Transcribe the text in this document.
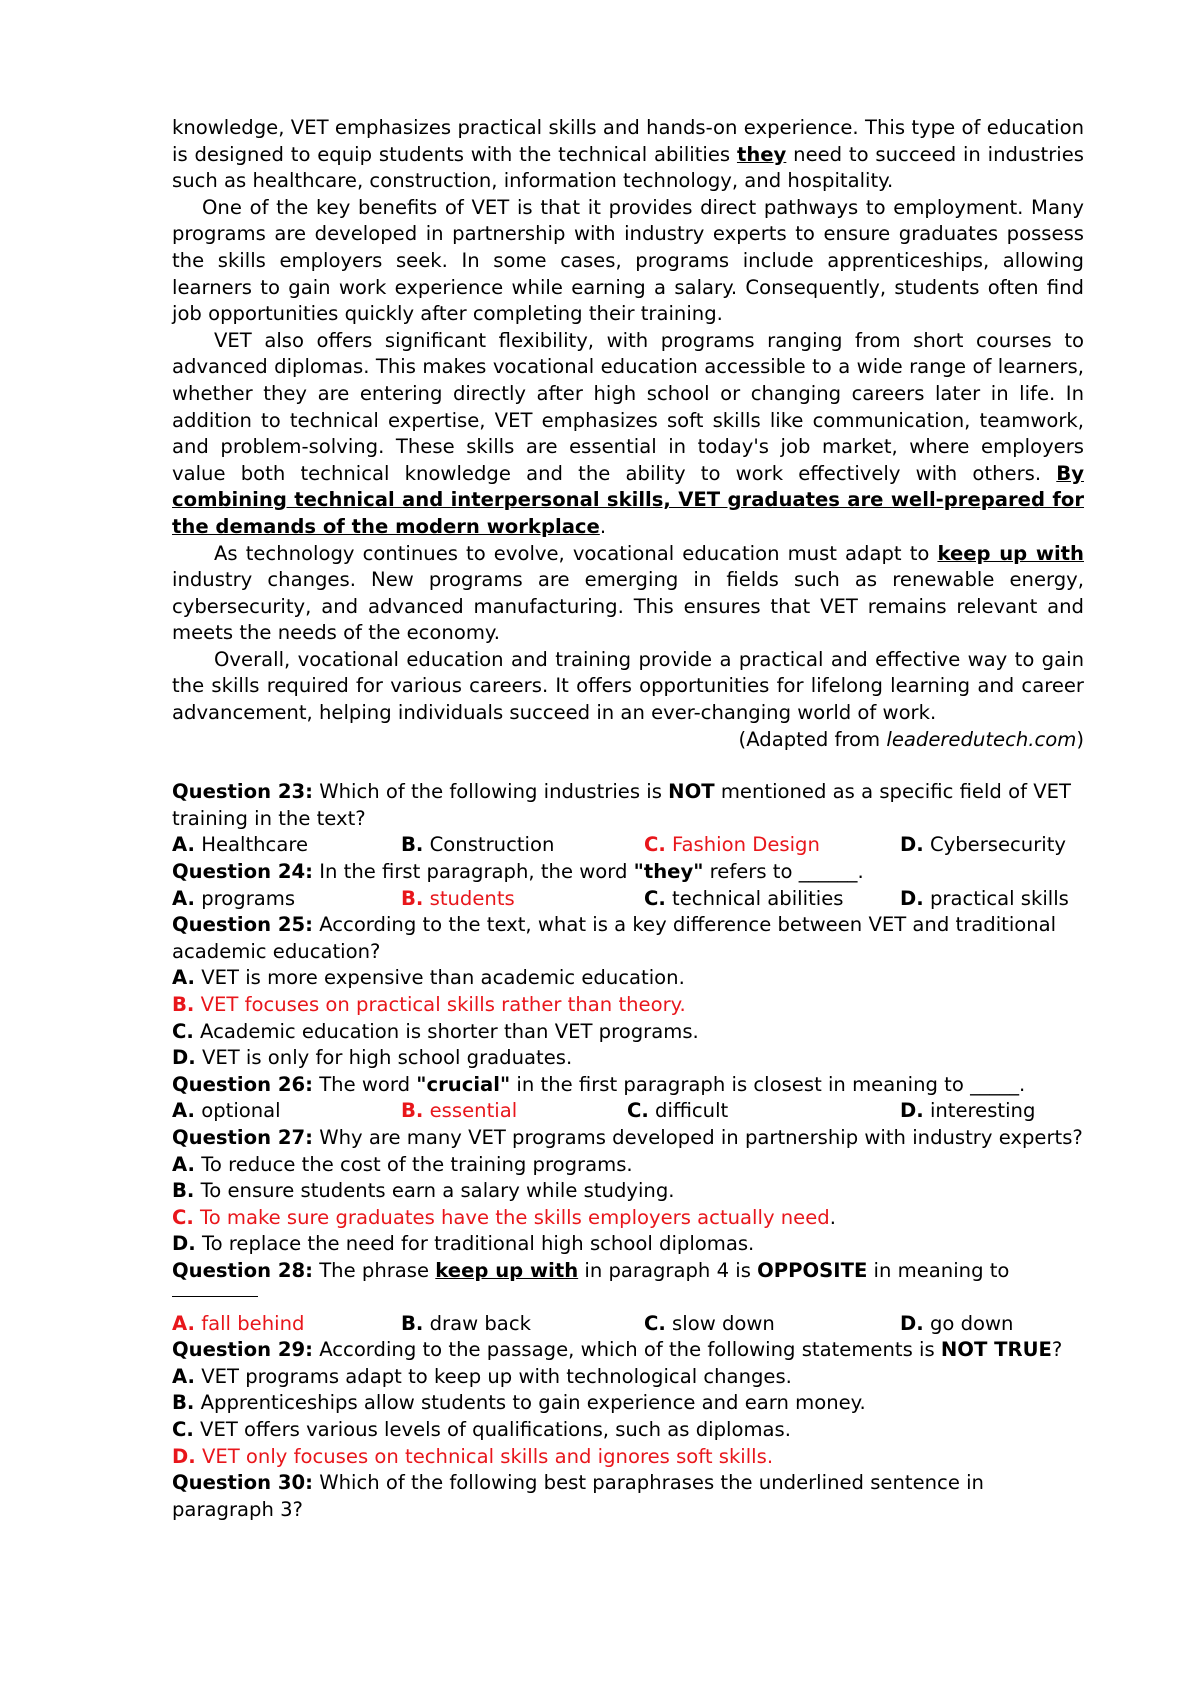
knowledge, VET emphasizes practical skills and hands-on experience. This type of education is designed to equip students with the technical abilities they need to succeed in industries such as healthcare, construction, information technology, and hospitality.

One of the key benefits of VET is that it provides direct pathways to employment. Many programs are developed in partnership with industry experts to ensure graduates possess the skills employers seek. In some cases, programs include apprenticeships, allowing learners to gain work experience while earning a salary. Consequently, students often find job opportunities quickly after completing their training.

VET also offers significant flexibility, with programs ranging from short courses to advanced diplomas. This makes vocational education accessible to a wide range of learners, whether they are entering directly after high school or changing careers later in life. In addition to technical expertise, VET emphasizes soft skills like communication, teamwork, and problem-solving. These skills are essential in today's job market, where employers value both technical knowledge and the ability to work effectively with others. By combining technical and interpersonal skills, VET graduates are well-prepared for the demands of the modern workplace.

As technology continues to evolve, vocational education must adapt to keep up with industry changes. New programs are emerging in fields such as renewable energy, cybersecurity, and advanced manufacturing. This ensures that VET remains relevant and meets the needs of the economy.

Overall, vocational education and training provide a practical and effective way to gain the skills required for various careers. It offers opportunities for lifelong learning and career advancement, helping individuals succeed in an ever-changing world of work.

(Adapted from leaderedutech.com)

Question 23: Which of the following industries is NOT mentioned as a specific field of VET training in the text?

A. Healthcare	B. Construction	C. Fashion Design	D. Cybersecurity

Question 24: In the first paragraph, the word "they" refers to ______.

A. programs	B. students	C. technical abilities	D. practical skills

Question 25: According to the text, what is a key difference between VET and traditional academic education?

A. VET is more expensive than academic education.

B. VET focuses on practical skills rather than theory.

C. Academic education is shorter than VET programs.

D. VET is only for high school graduates.

Question 26: The word "crucial" in the first paragraph is closest in meaning to _____.

A. optional	B. essential	C. difficult	D. interesting

Question 27: Why are many VET programs developed in partnership with industry experts?

A. To reduce the cost of the training programs.

B. To ensure students earn a salary while studying.

C. To make sure graduates have the skills employers actually need.

D. To replace the need for traditional high school diplomas.

Question 28: The phrase keep up with in paragraph 4 is OPPOSITE in meaning to

A. fall behind	B. draw back	C. slow down	D. go down

Question 29: According to the passage, which of the following statements is NOT TRUE?

A. VET programs adapt to keep up with technological changes.

B. Apprenticeships allow students to gain experience and earn money.

C. VET offers various levels of qualifications, such as diplomas.

D. VET only focuses on technical skills and ignores soft skills.

Question 30: Which of the following best paraphrases the underlined sentence in paragraph 3?
